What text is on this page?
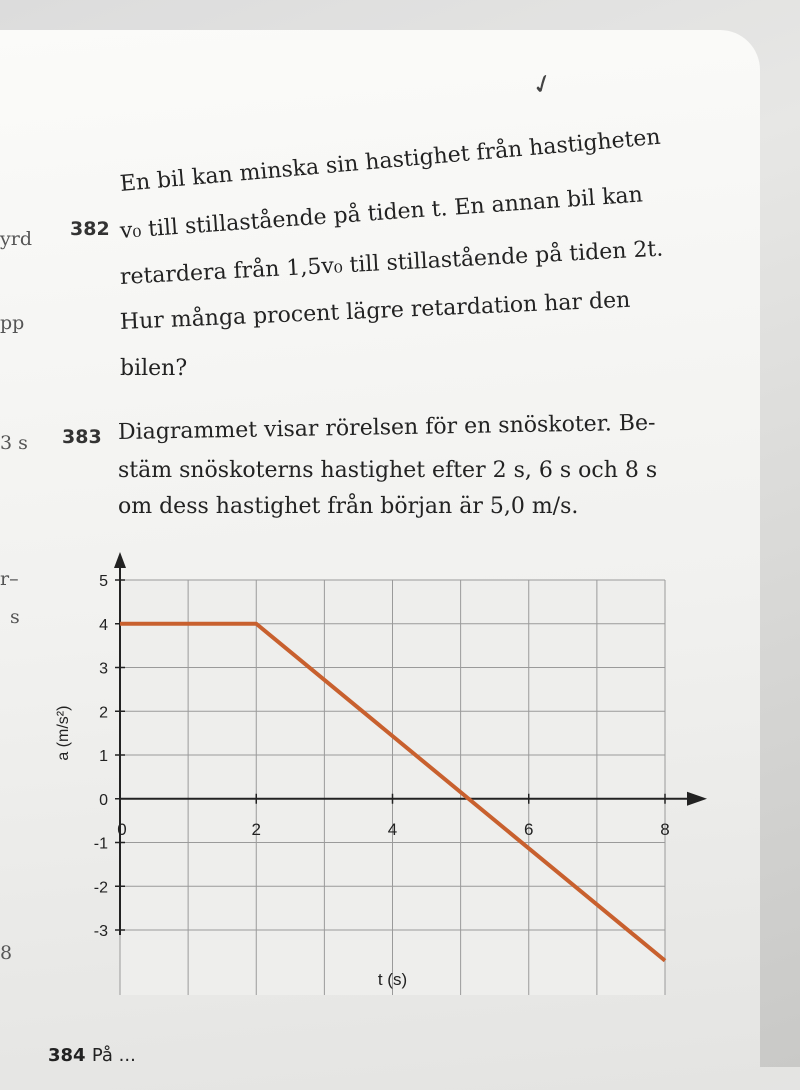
yrd
pp
3 s
r–
s
8
✓
382
En bil kan minska sin hastighet från hastigheten
v₀ till stillastående på tiden t. En annan bil kan
retardera från 1,5v₀ till stillastående på tiden 2t.
Hur många procent lägre retardation har den
bilen?
383 Diagrammet visar rörelsen för en snöskoter. Be-
stäm snöskoterns hastighet efter 2 s, 6 s och 8 s
om dess hastighet från början är 5,0 m/s.
5
4
3
2
1
0
-1
-2
-3
0	2	4	6	8
a (m/s²)
t (s)
384 På ...
